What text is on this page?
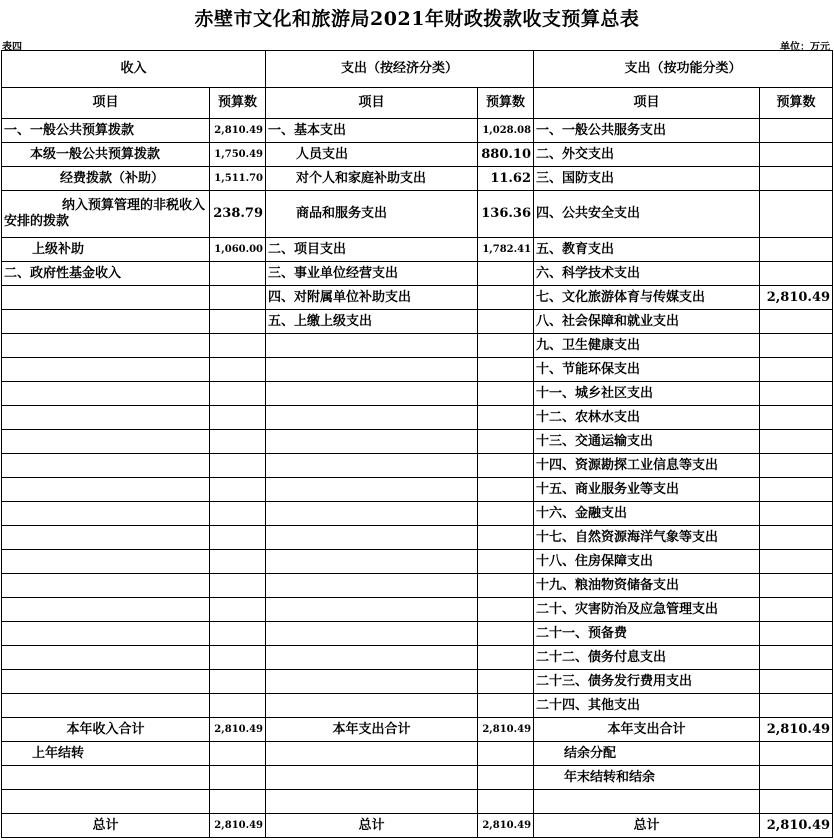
赤壁市文化和旅游局2021年财政拨款收支预算总表
表四	单位：万元
收入		支出（按经济分类）		支出（按功能分类）	
项目	预算数	项目	预算数	项目	预算数
一、一般公共预算拨款	2,810.49	一、基本支出	1,028.08	一、一般公共服务支出	
本级一般公共预算拨款	1,750.49	人员支出	880.10	二、外交支出	
经费拨款（补助）	1,511.70	对个人和家庭补助支出	11.62	三、国防支出	
纳入预算管理的非税收入安排的拨款	238.79	商品和服务支出	136.36	四、公共安全支出	
上级补助	1,060.00	二、项目支出	1,782.41	五、教育支出	
二、政府性基金收入		三、事业单位经营支出		六、科学技术支出	
		四、对附属单位补助支出		七、文化旅游体育与传媒支出	2,810.49
		五、上缴上级支出		八、社会保障和就业支出	
				九、卫生健康支出	
				十、节能环保支出	
				十一、城乡社区支出	
				十二、农林水支出	
				十三、交通运输支出	
				十四、资源勘探工业信息等支出	
				十五、商业服务业等支出	
				十六、金融支出	
				十七、自然资源海洋气象等支出	
				十八、住房保障支出	
				十九、粮油物资储备支出	
				二十、灾害防治及应急管理支出	
				二十一、预备费	
				二十二、债务付息支出	
				二十三、债务发行费用支出	
				二十四、其他支出	
本年收入合计	2,810.49	本年支出合计	2,810.49	本年支出合计	2,810.49
上年结转				结余分配	
				年末结转和结余	

总计	2,810.49	总计	2,810.49	总计	2,810.49
